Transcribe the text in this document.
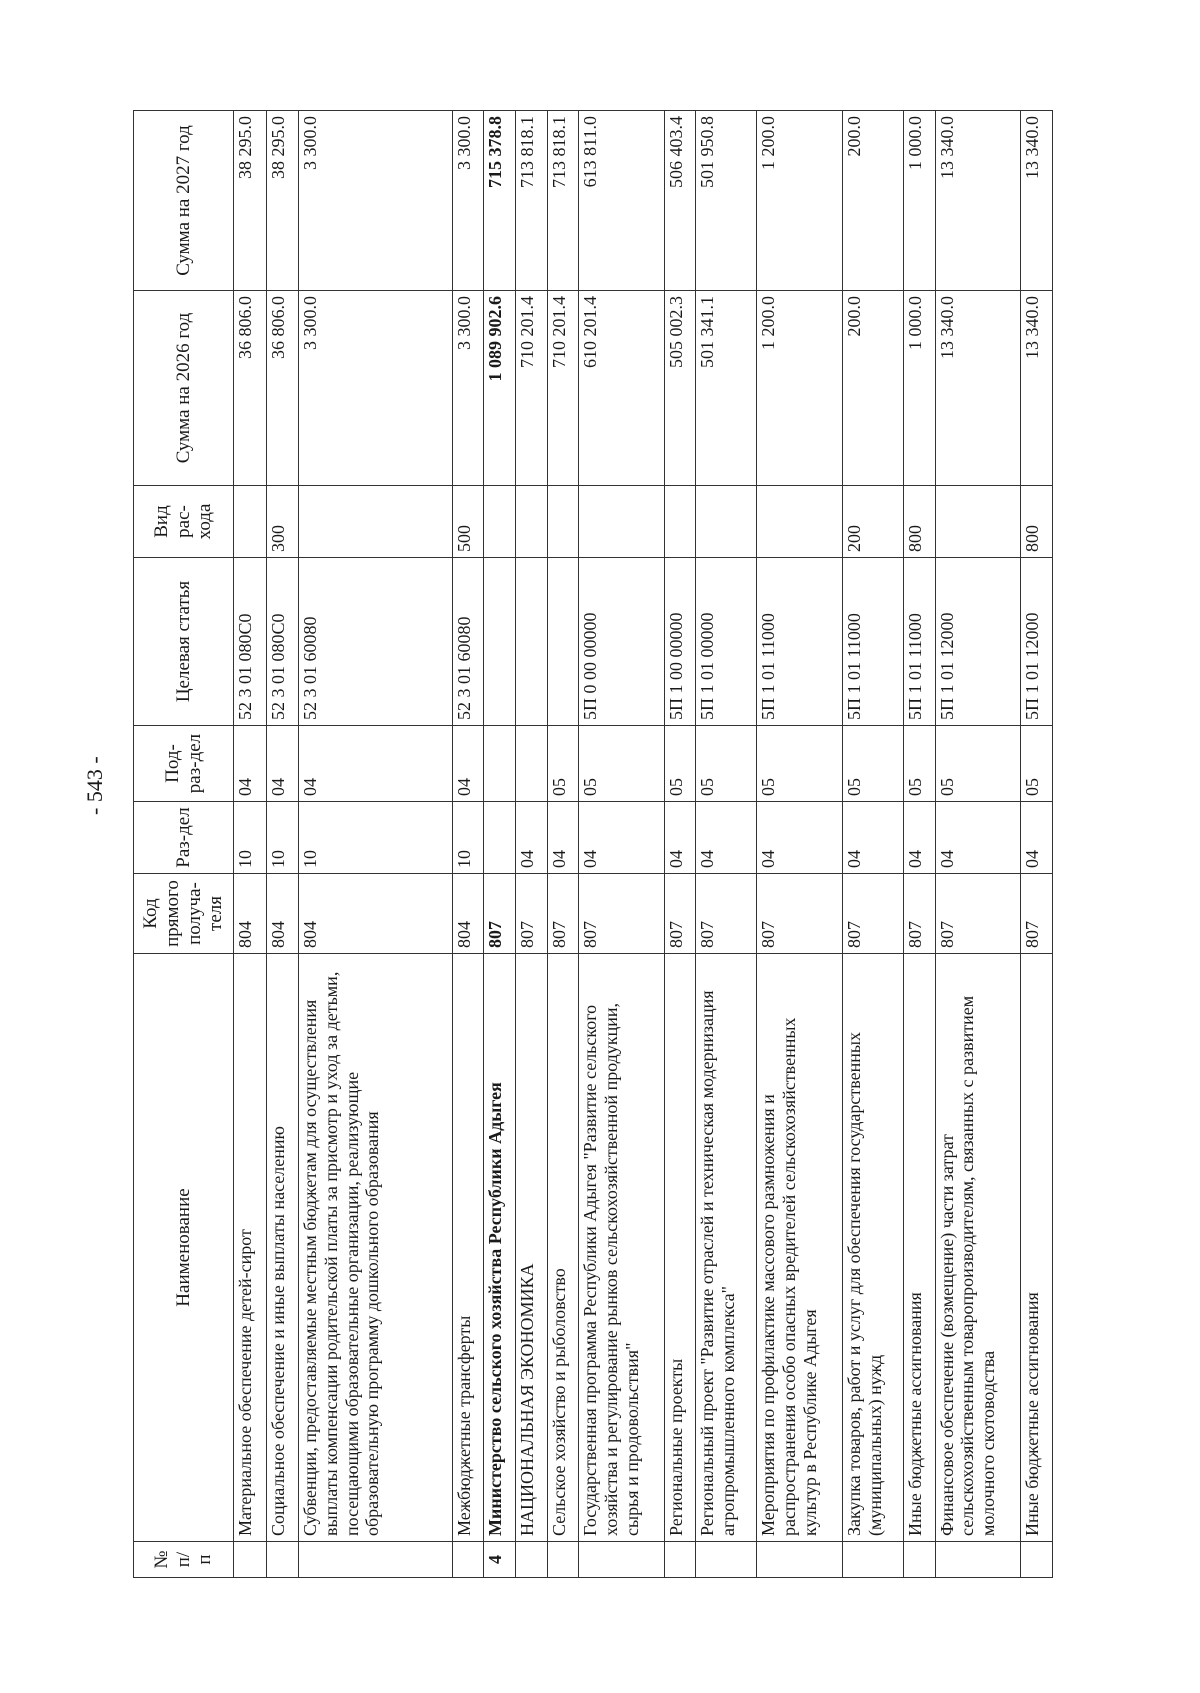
- 543 -
№ п/п	Наименование	Код прямого получа-теля	Раз-дел	Под-раз-дел	Целевая статья	Вид рас-хода	Сумма на 2026 год	Сумма на 2027 год
	Материальное обеспечение детей-сирот	804	10	04	52 3 01 080C0		36 806.0	38 295.0
	Социальное обеспечение и иные выплаты населению	804	10	04	52 3 01 080C0	300	36 806.0	38 295.0
	Субвенции, предоставляемые местным бюджетам для осуществления выплаты компенсации родительской платы за присмотр и уход за детьми, посещающими образовательные организации, реализующие образовательную программу дошкольного образования	804	10	04	52 3 01 60080		3 300.0	3 300.0
	Межбюджетные трансферты	804	10	04	52 3 01 60080	500	3 300.0	3 300.0
4	Министерство сельского хозяйства Республики Адыгея	807					1 089 902.6	715 378.8
	НАЦИОНАЛЬНАЯ ЭКОНОМИКА	807	04				710 201.4	713 818.1
	Сельское хозяйство и рыболовство	807	04	05			710 201.4	713 818.1
	Государственная программа Республики Адыгея "Развитие сельского хозяйства и регулирование рынков сельскохозяйственной продукции, сырья и продовольствия"	807	04	05	5П 0 00 00000		610 201.4	613 811.0
	Региональные проекты	807	04	05	5П 1 00 00000		505 002.3	506 403.4
	Региональный проект "Развитие отраслей и техническая модернизация агропромышленного комплекса"	807	04	05	5П 1 01 00000		501 341.1	501 950.8
	Мероприятия по профилактике массового размножения и распространения особо опасных вредителей сельскохозяйственных культур в Республике Адыгея	807	04	05	5П 1 01 11000		1 200.0	1 200.0
	Закупка товаров, работ и услуг для обеспечения государственных (муниципальных) нужд	807	04	05	5П 1 01 11000	200	200.0	200.0
	Иные бюджетные ассигнования	807	04	05	5П 1 01 11000	800	1 000.0	1 000.0
	Финансовое обеспечение (возмещение) части затрат сельскохозяйственным товаропроизводителям, связанных с развитием молочного скотоводства	807	04	05	5П 1 01 12000		13 340.0	13 340.0
	Иные бюджетные ассигнования	807	04	05	5П 1 01 12000	800	13 340.0	13 340.0
